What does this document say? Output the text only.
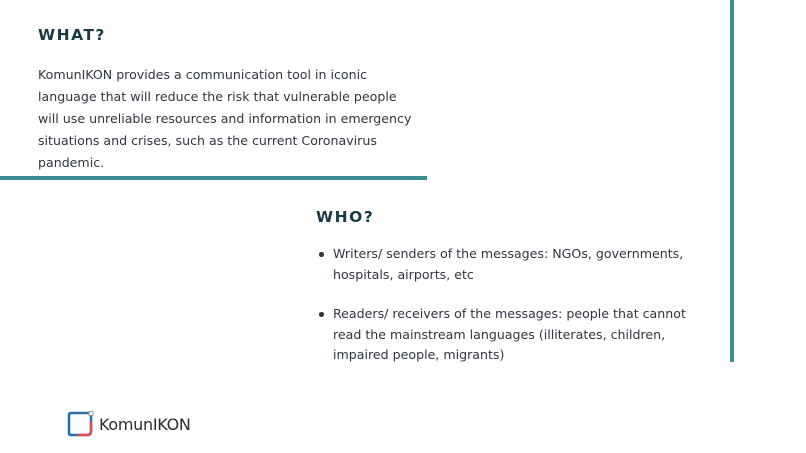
WHAT?

KomunIKON provides a communication tool in iconic language that will reduce the risk that vulnerable people will use unreliable resources and information in emergency situations and crises, such as the current Coronavirus pandemic.

WHO?
Writers/ senders of the messages: NGOs, governments, hospitals, airports, etc
Readers/ receivers of the messages: people that cannot read the mainstream languages (illiterates, children, impaired people, migrants)
KomunIKON
